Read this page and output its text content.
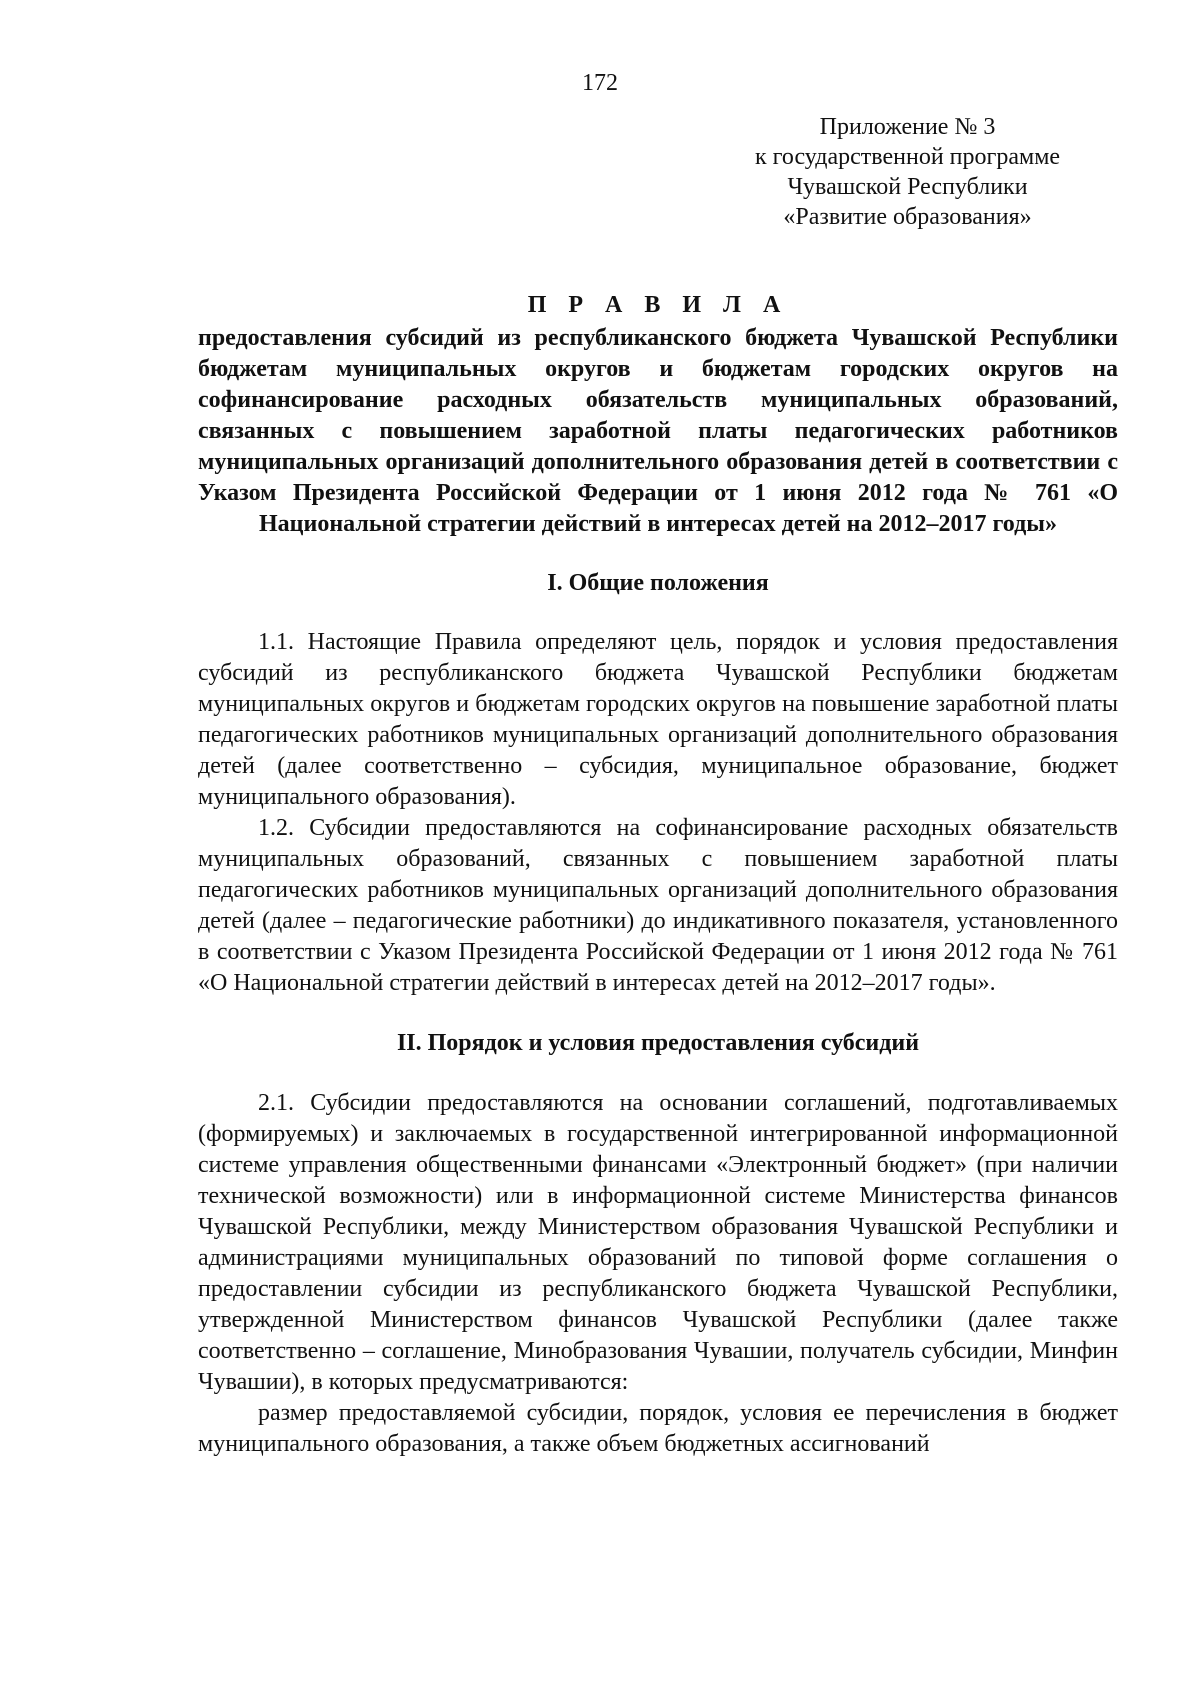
172
Приложение № 3
к государственной программе
Чувашской Республики
«Развитие образования»
П Р А В И Л А

предоставления субсидий из республиканского бюджета Чувашской Республики бюджетам муниципальных округов и бюджетам городских округов на софинансирование расходных обязательств муниципальных образований, связанных с повышением заработной платы педагогических работников муниципальных организаций дополнительного образования детей в соответствии с Указом Президента Российской Федерации от 1 июня 2012 года № 761 «О Национальной стратегии действий в интересах детей на 2012–2017 годы»

I. Общие положения

1.1. Настоящие Правила определяют цель, порядок и условия предоставления субсидий из республиканского бюджета Чувашской Республики бюджетам муниципальных округов и бюджетам городских округов на повышение заработной платы педагогических работников муниципальных организаций дополнительного образования детей (далее соответственно – субсидия, муниципальное образование, бюджет муниципального образования).

1.2. Субсидии предоставляются на софинансирование расходных обязательств муниципальных образований, связанных с повышением заработной платы педагогических работников муниципальных организаций дополнительного образования детей (далее – педагогические работники) до индикативного показателя, установленного в соответствии с Указом Президента Российской Федерации от 1 июня 2012 года № 761 «О Национальной стратегии действий в интересах детей на 2012–2017 годы».

II. Порядок и условия предоставления субсидий

2.1. Субсидии предоставляются на основании соглашений, подготавливаемых (формируемых) и заключаемых в государственной интегрированной информационной системе управления общественными финансами «Электронный бюджет» (при наличии технической возможности) или в информационной системе Министерства финансов Чувашской Республики, между Министерством образования Чувашской Республики и администрациями муниципальных образований по типовой форме соглашения о предоставлении субсидии из республиканского бюджета Чувашской Республики, утвержденной Министерством финансов Чувашской Республики (далее также соответственно – соглашение, Минобразования Чувашии, получатель субсидии, Минфин Чувашии), в которых предусматриваются:

размер предоставляемой субсидии, порядок, условия ее перечисления в бюджет муниципального образования, а также объем бюджетных ассигнований
